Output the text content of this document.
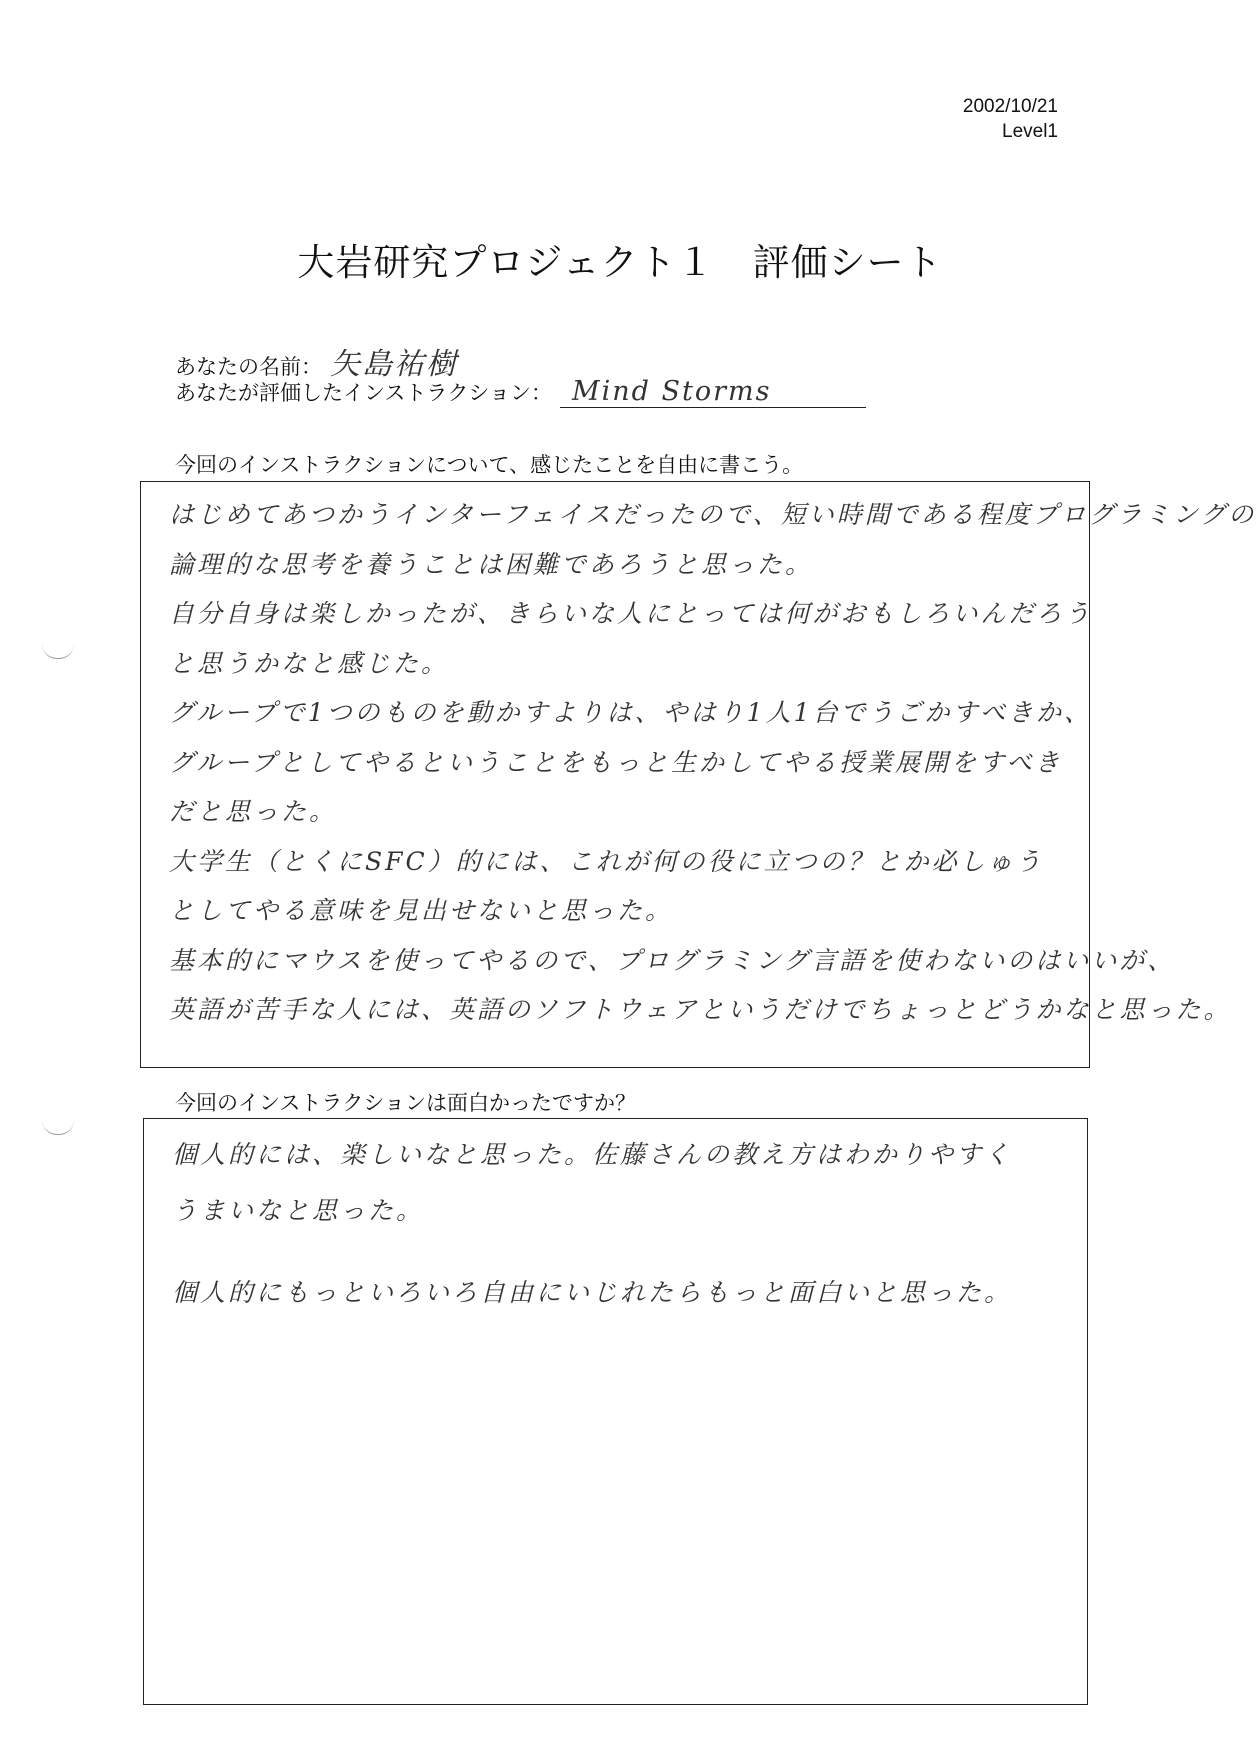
2002/10/21
Level1
大岩研究プロジェクト１　評価シート
あなたの名前： 矢島祐樹
あなたが評価したインストラクション： Mind Storms
今回のインストラクションについて、感じたことを自由に書こう。
はじめてあつかうインターフェイスだったので、短い時間である程度プログラミングの
論理的な思考を養うことは困難であろうと思った。
自分自身は楽しかったが、きらいな人にとっては何がおもしろいんだろう
と思うかなと感じた。
グループで1つのものを動かすよりは、やはり1人1台でうごかすべきか、
グループとしてやるということをもっと生かしてやる授業展開をすべき
だと思った。
大学生（とくにSFC）的には、これが何の役に立つの？とか必しゅう
としてやる意味を見出せないと思った。
基本的にマウスを使ってやるので、プログラミング言語を使わないのはいいが、
英語が苦手な人には、英語のソフトウェアというだけでちょっとどうかなと思った。
今回のインストラクションは面白かったですか？
個人的には、楽しいなと思った。佐藤さんの教え方はわかりやすく
うまいなと思った。
個人的にもっといろいろ自由にいじれたらもっと面白いと思った。
